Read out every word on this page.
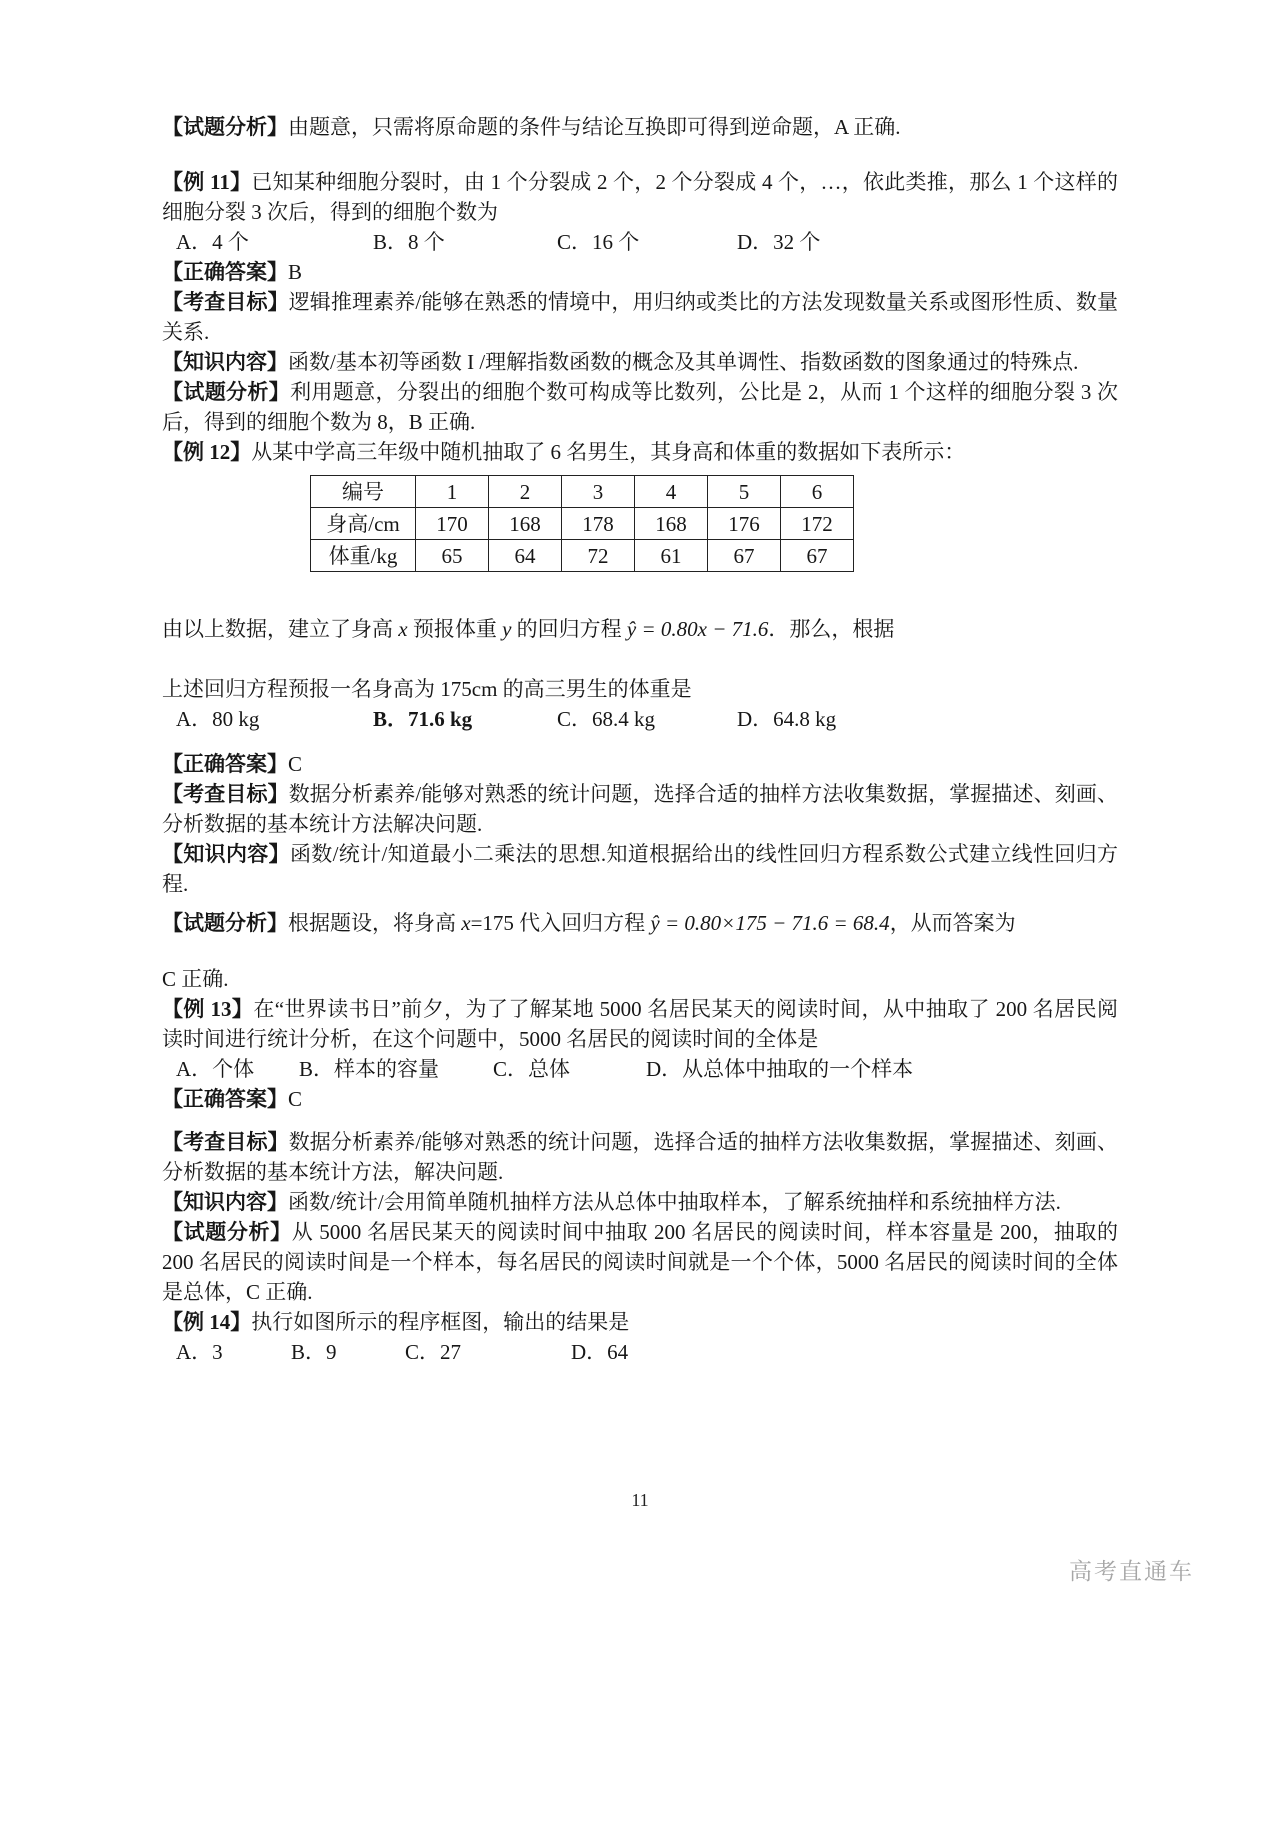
【试题分析】由题意，只需将原命题的条件与结论互换即可得到逆命题，A 正确.

【例 11】已知某种细胞分裂时，由 1 个分裂成 2 个，2 个分裂成 4 个，…，依此类推，那么 1 个这样的细胞分裂 3 次后，得到的细胞个数为

A．4 个	B．8 个	C．16 个	D．32 个

【正确答案】B

【考查目标】逻辑推理素养/能够在熟悉的情境中，用归纳或类比的方法发现数量关系或图形性质、数量关系.

【知识内容】函数/基本初等函数 I /理解指数函数的概念及其单调性、指数函数的图象通过的特殊点.

【试题分析】利用题意，分裂出的细胞个数可构成等比数列，公比是 2，从而 1 个这样的细胞分裂 3 次后，得到的细胞个数为 8，B 正确.

【例 12】从某中学高三年级中随机抽取了 6 名男生，其身高和体重的数据如下表所示：

编号	1	2	3	4	5	6
身高/cm	170	168	178	168	176	172
体重/kg	65	64	72	61	67	67

由以上数据，建立了身高 x 预报体重 y 的回归方程 ŷ = 0.80x − 71.6．那么，根据

上述回归方程预报一名身高为 175cm 的高三男生的体重是

A．80 kg	B．71.6 kg	C．68.4 kg	D．64.8 kg

【正确答案】C

【考查目标】数据分析素养/能够对熟悉的统计问题，选择合适的抽样方法收集数据，掌握描述、刻画、分析数据的基本统计方法解决问题.

【知识内容】函数/统计/知道最小二乘法的思想.知道根据给出的线性回归方程系数公式建立线性回归方程.

【试题分析】根据题设，将身高 x=175 代入回归方程 ŷ = 0.80×175 − 71.6 = 68.4，从而答案为

C 正确.

【例 13】在“世界读书日”前夕，为了了解某地 5000 名居民某天的阅读时间，从中抽取了 200 名居民阅读时间进行统计分析，在这个问题中，5000 名居民的阅读时间的全体是

A．个体	B．样本的容量	C．总体	D．从总体中抽取的一个样本

【正确答案】C

【考查目标】数据分析素养/能够对熟悉的统计问题，选择合适的抽样方法收集数据，掌握描述、刻画、分析数据的基本统计方法，解决问题.

【知识内容】函数/统计/会用简单随机抽样方法从总体中抽取样本，了解系统抽样和系统抽样方法.

【试题分析】从 5000 名居民某天的阅读时间中抽取 200 名居民的阅读时间，样本容量是 200，抽取的 200 名居民的阅读时间是一个样本，每名居民的阅读时间就是一个个体，5000 名居民的阅读时间的全体是总体，C 正确.

【例 14】执行如图所示的程序框图，输出的结果是

A．3	B．9	C．27	D．64
11
高考直通车
